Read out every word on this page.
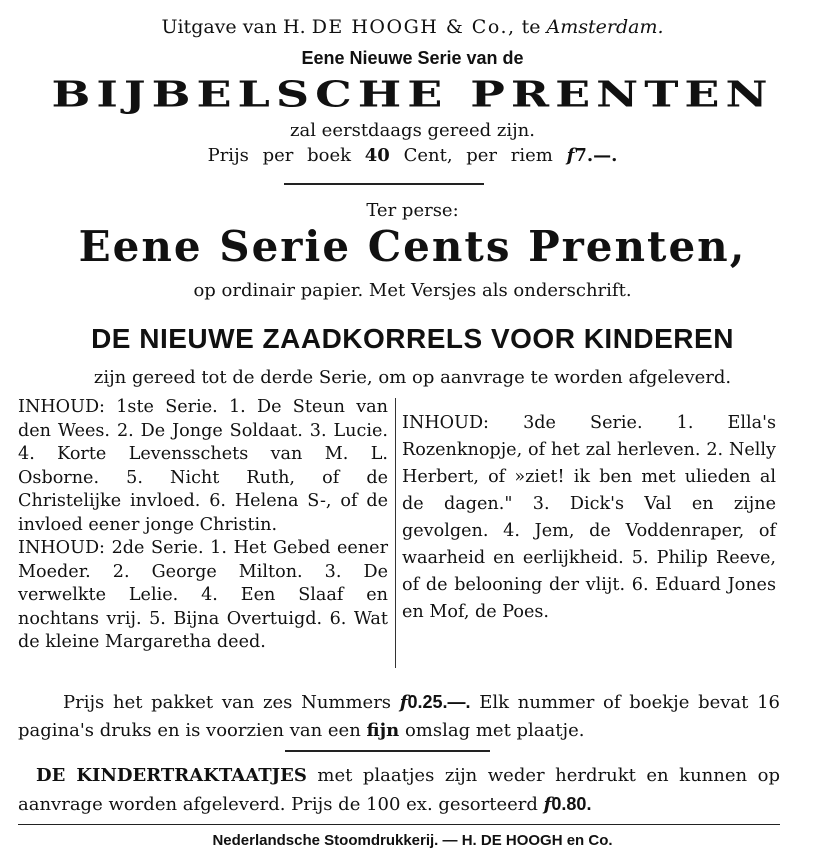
Uitgave van H. DE HOOGH & Co., te Amsterdam.
Eene Nieuwe Serie van de
BIJBELSCHE PRENTEN
zal eerstdaags gereed zijn.
Prijs per boek 40 Cent, per riem f7.—.
Ter perse:
Eene Serie Cents Prenten,
op ordinair papier. Met Versjes als onderschrift.
DE NIEUWE ZAADKORRELS VOOR KINDEREN
zijn gereed tot de derde Serie, om op aanvrage te worden afgeleverd.

INHOUD: 1ste Serie. 1. De Steun van den Wees. 2. De Jonge Soldaat. 3. Lucie. 4. Korte Levensschets van M. L. Osborne. 5. Nicht Ruth, of de Christelijke invloed. 6. Helena S-, of de invloed eener jonge Christin.

INHOUD: 2de Serie. 1. Het Gebed eener Moeder. 2. George Milton. 3. De verwelkte Lelie. 4. Een Slaaf en nochtans vrij. 5. Bijna Overtuigd. 6. Wat de kleine Margaretha deed.

INHOUD: 3de Serie. 1. Ella's Rozenknopje, of het zal herleven. 2. Nelly Herbert, of »ziet! ik ben met ulieden al de dagen." 3. Dick's Val en zijne gevolgen. 4. Jem, de Voddenraper, of waarheid en eerlijkheid. 5. Philip Reeve, of de belooning der vlijt. 6. Eduard Jones en Mof, de Poes.

Prijs het pakket van zes Nummers f0.25.—. Elk nummer of boekje bevat 16 pagina's druks en is voorzien van een fijn omslag met plaatje.

DE KINDERTRAKTAATJES met plaatjes zijn weder herdrukt en kunnen op aanvrage worden afgeleverd. Prijs de 100 ex. gesorteerd f0.80.

Nederlandsche Stoomdrukkerij. — H. DE HOOGH en Co.
